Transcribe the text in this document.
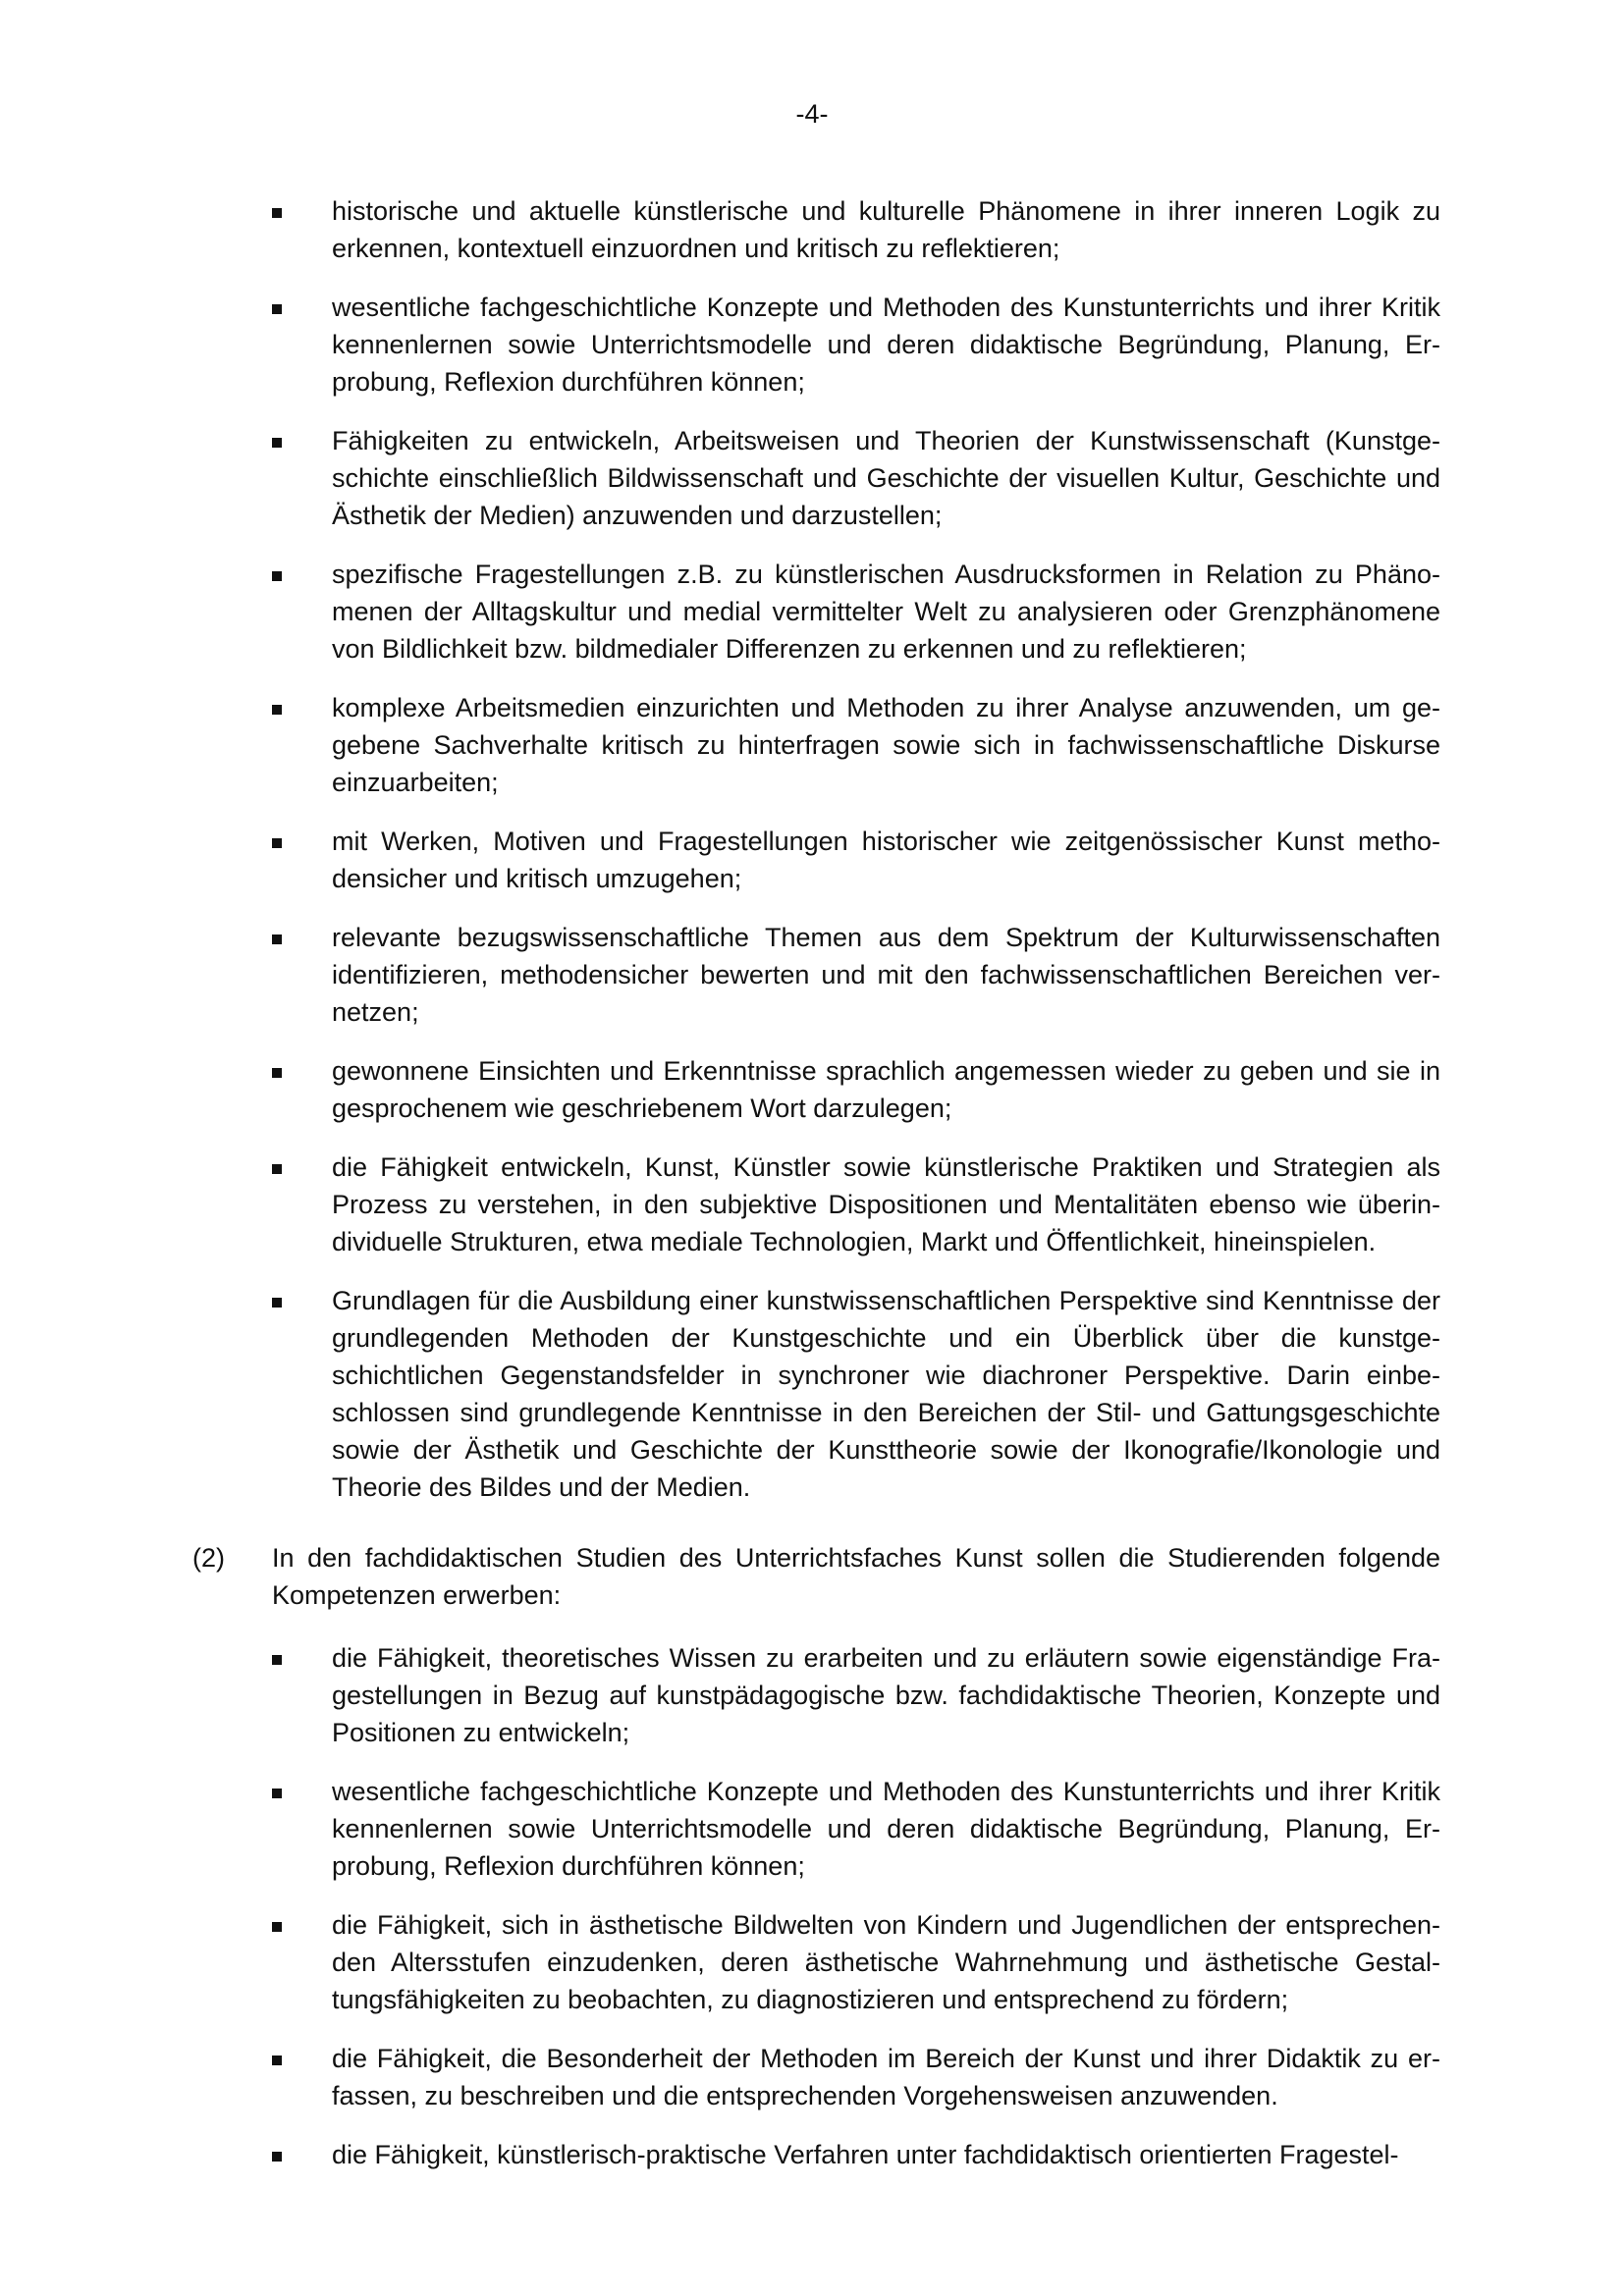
-4-
historische und aktuelle künstlerische und kulturelle Phänomene in ihrer inneren Logik zu erkennen, kontextuell einzuordnen und kritisch zu reflektieren;
wesentliche fachgeschichtliche Konzepte und Methoden des Kunstunterrichts und ihrer Kritik kennenlernen sowie Unterrichtsmodelle und deren didaktische Begründung, Planung, Erprobung, Reflexion durchführen können;
Fähigkeiten zu entwickeln, Arbeitsweisen und Theorien der Kunstwissenschaft (Kunstgeschichte einschließlich Bildwissenschaft und Geschichte der visuellen Kultur, Geschichte und Ästhetik der Medien) anzuwenden und darzustellen;
spezifische Fragestellungen z.B. zu künstlerischen Ausdrucksformen in Relation zu Phänomenen der Alltagskultur und medial vermittelter Welt zu analysieren oder Grenzphänomene von Bildlichkeit bzw. bildmedialer Differenzen zu erkennen und zu reflektieren;
komplexe Arbeitsmedien einzurichten und Methoden zu ihrer Analyse anzuwenden, um gegebene Sachverhalte kritisch zu hinterfragen sowie sich in fachwissenschaftliche Diskurse einzuarbeiten;
mit Werken, Motiven und Fragestellungen historischer wie zeitgenössischer Kunst methodensicher und kritisch umzugehen;
relevante bezugswissenschaftliche Themen aus dem Spektrum der Kulturwissenschaften identifizieren, methodensicher bewerten und mit den fachwissenschaftlichen Bereichen vernetzen;
gewonnene Einsichten und Erkenntnisse sprachlich angemessen wieder zu geben und sie in gesprochenem wie geschriebenem Wort darzulegen;
die Fähigkeit entwickeln, Kunst, Künstler sowie künstlerische Praktiken und Strategien als Prozess zu verstehen, in den subjektive Dispositionen und Mentalitäten ebenso wie überindividuelle Strukturen, etwa mediale Technologien, Markt und Öffentlichkeit, hineinspielen.
Grundlagen für die Ausbildung einer kunstwissenschaftlichen Perspektive sind Kenntnisse der grundlegenden Methoden der Kunstgeschichte und ein Überblick über die kunstgeschichtlichen Gegenstandsfelder in synchroner wie diachroner Perspektive. Darin einbeschlossen sind grundlegende Kenntnisse in den Bereichen der Stil- und Gattungsgeschichte sowie der Ästhetik und Geschichte der Kunsttheorie sowie der Ikonografie/Ikonologie und Theorie des Bildes und der Medien.
(2) In den fachdidaktischen Studien des Unterrichtsfaches Kunst sollen die Studierenden folgende Kompetenzen erwerben:
die Fähigkeit, theoretisches Wissen zu erarbeiten und zu erläutern sowie eigenständige Fragestellungen in Bezug auf kunstpädagogische bzw. fachdidaktische Theorien, Konzepte und Positionen zu entwickeln;
wesentliche fachgeschichtliche Konzepte und Methoden des Kunstunterrichts und ihrer Kritik kennenlernen sowie Unterrichtsmodelle und deren didaktische Begründung, Planung, Erprobung, Reflexion durchführen können;
die Fähigkeit, sich in ästhetische Bildwelten von Kindern und Jugendlichen der entsprechenden Altersstufen einzudenken, deren ästhetische Wahrnehmung und ästhetische Gestaltungsfähigkeiten zu beobachten, zu diagnostizieren und entsprechend zu fördern;
die Fähigkeit, die Besonderheit der Methoden im Bereich der Kunst und ihrer Didaktik zu erfassen, zu beschreiben und die entsprechenden Vorgehensweisen anzuwenden.
die Fähigkeit, künstlerisch-praktische Verfahren unter fachdidaktisch orientierten Fragestel-
